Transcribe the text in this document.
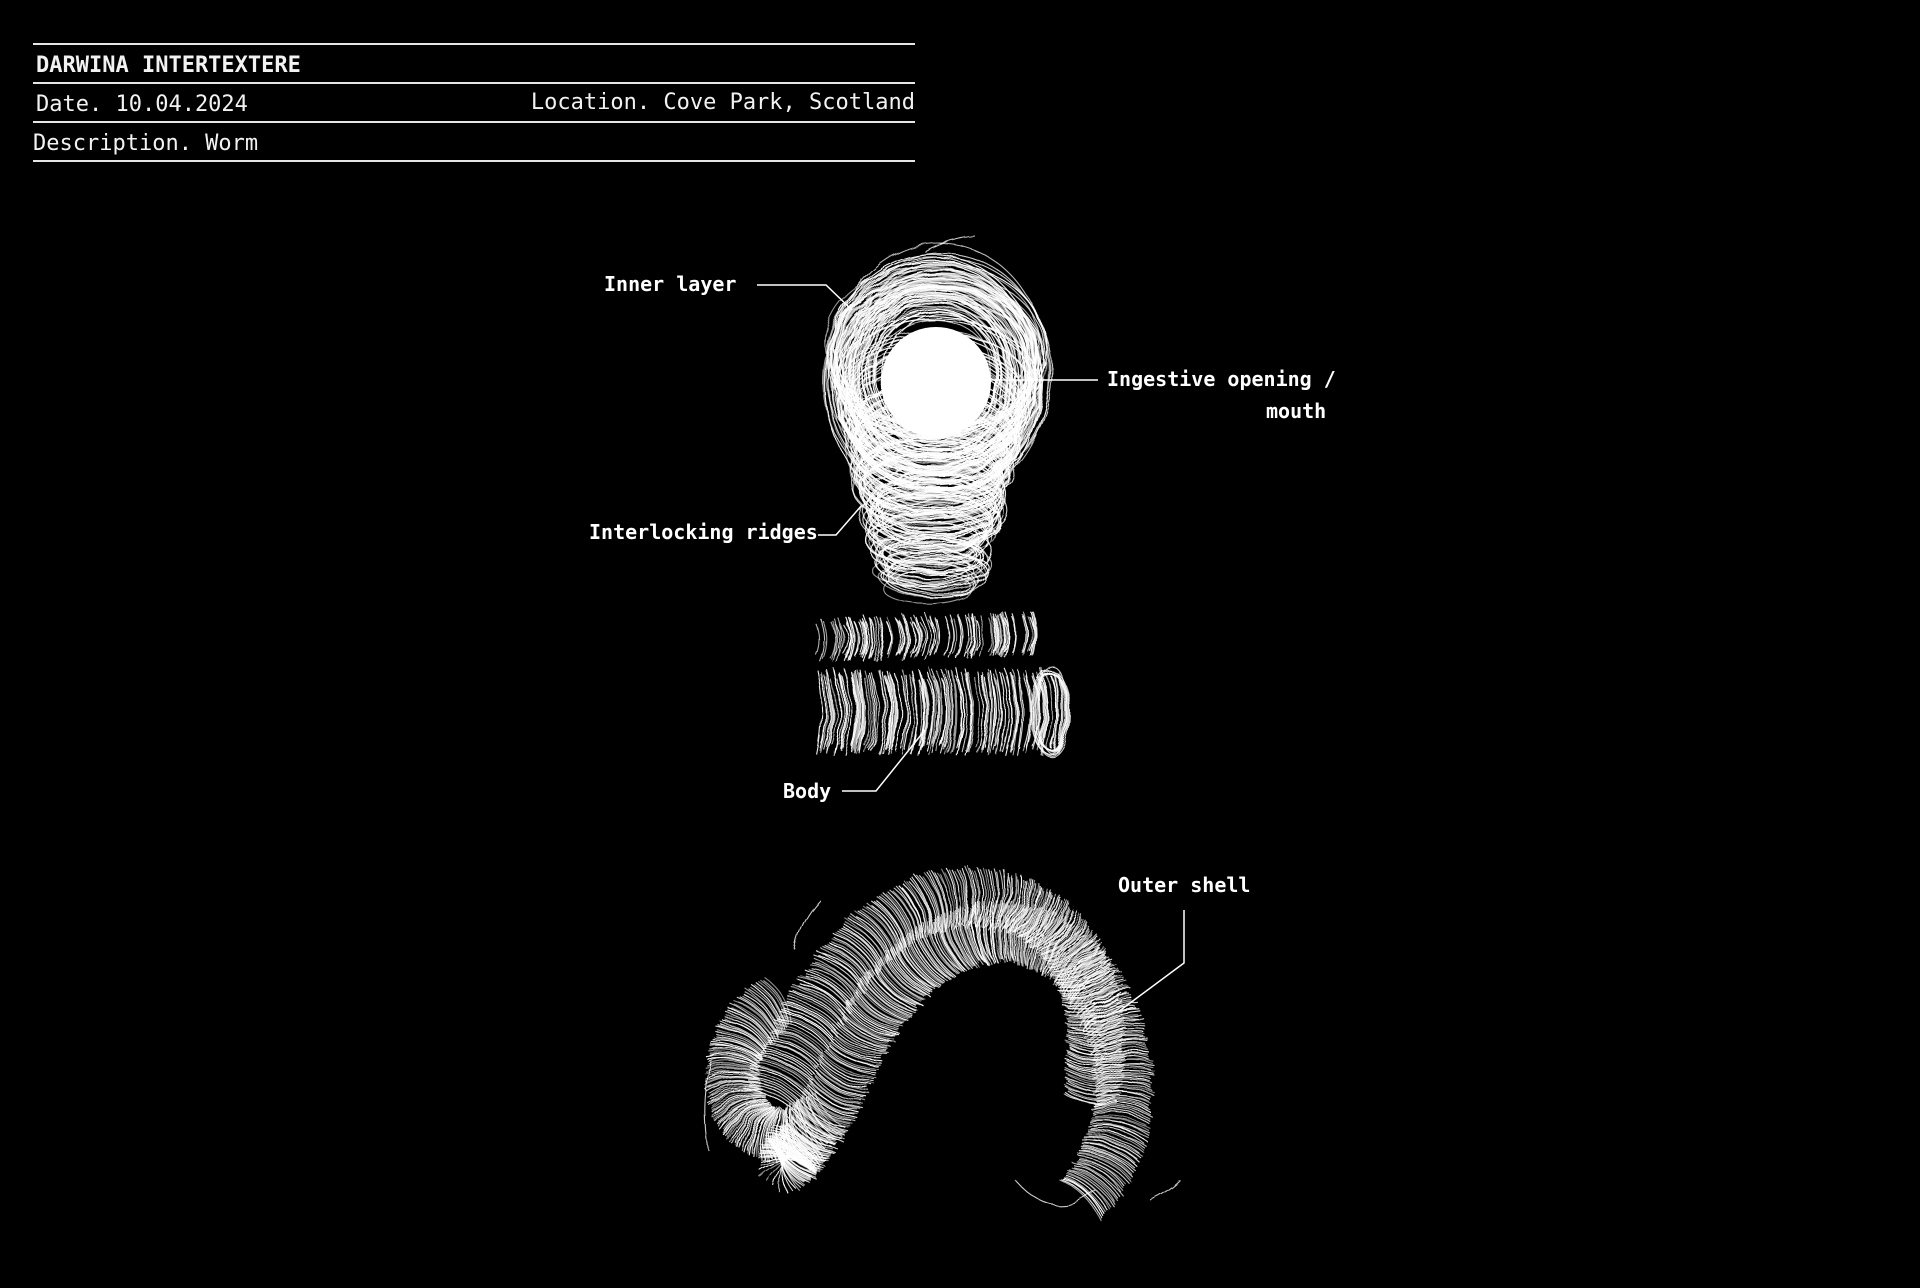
DARWINA INTERTEXTERE
Date. 10.04.2024	Location. Cove Park, Scotland
Description. Worm
Inner layer
Ingestive opening /
mouth
Interlocking ridges
Body
Outer shell
